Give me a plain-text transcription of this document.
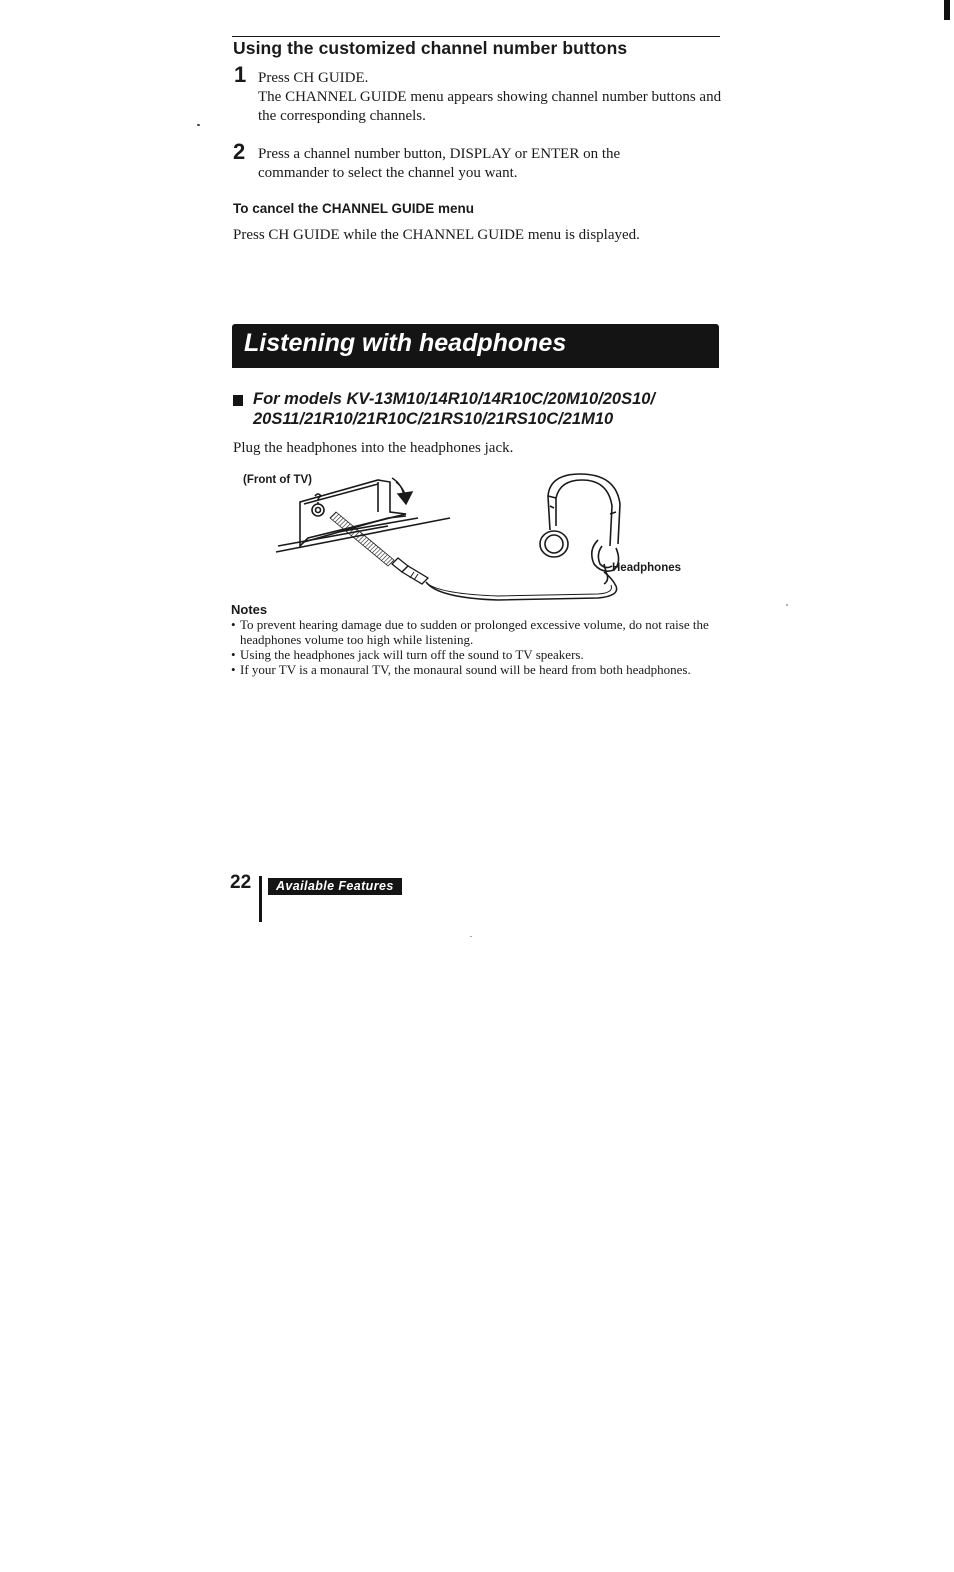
Using the customized channel number buttons
1 Press CH GUIDE.
The CHANNEL GUIDE menu appears showing channel number buttons and the corresponding channels.
2 Press a channel number button, DISPLAY or ENTER on the commander to select the channel you want.
To cancel the CHANNEL GUIDE menu
Press CH GUIDE while the CHANNEL GUIDE menu is displayed.
Listening with headphones
For models KV-13M10/14R10/14R10C/20M10/20S10/
20S11/21R10/21R10C/21RS10/21RS10C/21M10
Plug the headphones into the headphones jack.
(Front of TV)
Headphones
Notes
• To prevent hearing damage due to sudden or prolonged excessive volume, do not raise the headphones volume too high while listening.
• Using the headphones jack will turn off the sound to TV speakers.
• If your TV is a monaural TV, the monaural sound will be heard from both headphones.
22	Available Features
